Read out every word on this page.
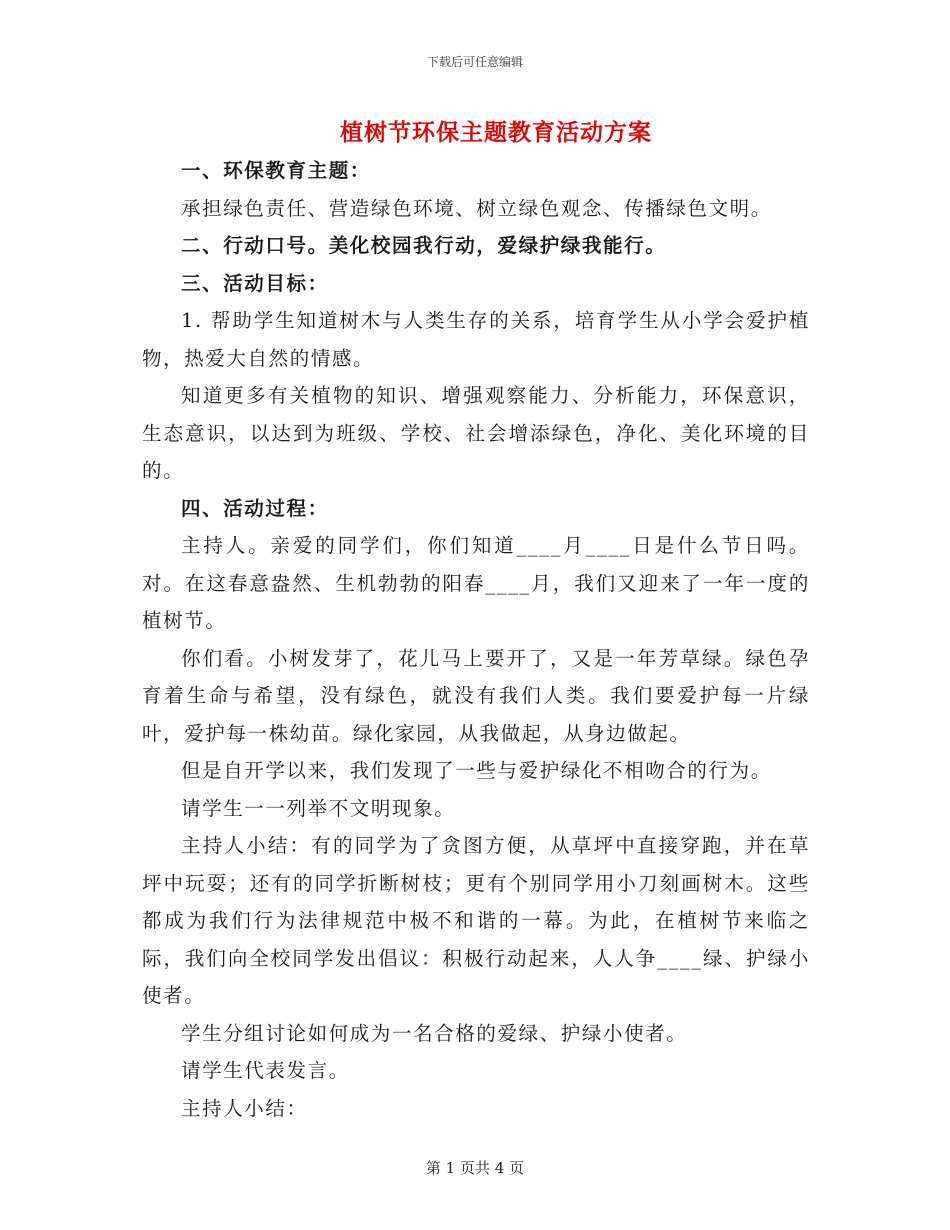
下载后可任意编辑
植树节环保主题教育活动方案

一、环保教育主题：

承担绿色责任、营造绿色环境、树立绿色观念、传播绿色文明。

二、行动口号。美化校园我行动，爱绿护绿我能行。

三、活动目标：

1. 帮助学生知道树木与人类生存的关系，培育学生从小学会爱护植物，热爱大自然的情感。

知道更多有关植物的知识、增强观察能力、分析能力，环保意识，生态意识，以达到为班级、学校、社会增添绿色，净化、美化环境的目的。

四、活动过程：

主持人。亲爱的同学们，你们知道____月____日是什么节日吗。对。在这春意盎然、生机勃勃的阳春____月，我们又迎来了一年一度的植树节。

你们看。小树发芽了，花儿马上要开了，又是一年芳草绿。绿色孕育着生命与希望，没有绿色，就没有我们人类。我们要爱护每一片绿叶，爱护每一株幼苗。绿化家园，从我做起，从身边做起。

但是自开学以来，我们发现了一些与爱护绿化不相吻合的行为。

请学生一一列举不文明现象。

主持人小结：有的同学为了贪图方便，从草坪中直接穿跑，并在草坪中玩耍；还有的同学折断树枝；更有个别同学用小刀刻画树木。这些都成为我们行为法律规范中极不和谐的一幕。为此，在植树节来临之际，我们向全校同学发出倡议：积极行动起来，人人争____绿、护绿小使者。

学生分组讨论如何成为一名合格的爱绿、护绿小使者。

请学生代表发言。

主持人小结：

第 1 页共 4 页
